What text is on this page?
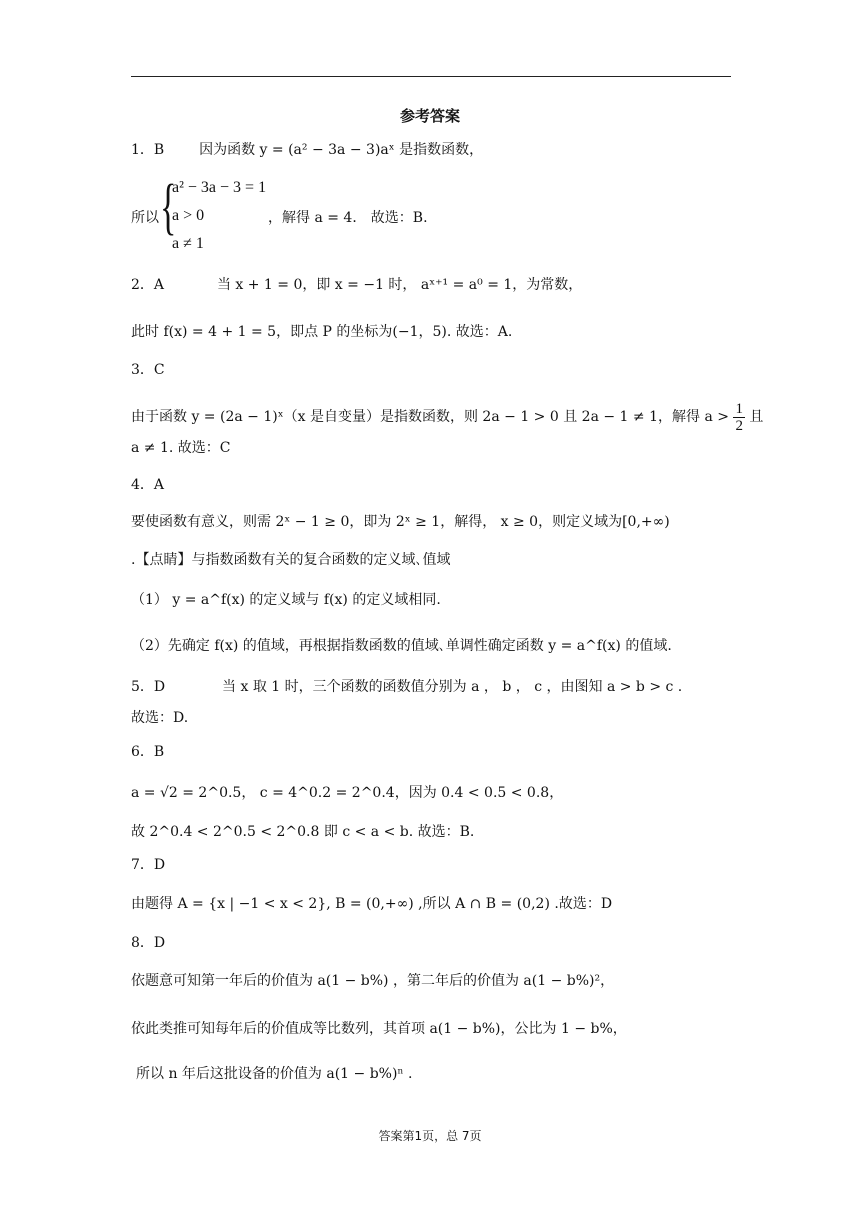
参考答案
1．B 因为函数 y = (a² − 3a − 3)aˣ 是指数函数，
所以 {
a² − 3a − 3 = 1
a > 0
a ≠ 1
，解得 a = 4． 故选：B.
2．A	当 x + 1 = 0，即 x = −1 时， aˣ⁺¹ = a⁰ = 1，为常数，
此时 f(x) = 4 + 1 = 5，即点 P 的坐标为(−1，5). 故选：A.
3．C
由于函数 y = (2a − 1)ˣ（x 是自变量）是指数函数，则 2a − 1 > 0 且 2a − 1 ≠ 1，解得 $a > \frac{1}{2}$ 且
a ≠ 1. 故选：C
4．A
要使函数有意义，则需 2ˣ − 1 ≥ 0，即为 2ˣ ≥ 1，解得， x ≥ 0，则定义域为[0,+∞)
.【点睛】与指数函数有关的复合函数的定义域､值域
（1） y = a^f(x) 的定义域与 f(x) 的定义域相同.
（2）先确定 f(x) 的值域，再根据指数函数的值域､单调性确定函数 y = a^f(x) 的值域.
5．D	当 x 取 1 时，三个函数的函数值分别为 a ， b ， c ，由图知 a > b > c .
故选：D.
6．B
a = √2 = 2^0.5， c = 4^0.2 = 2^0.4，因为 0.4 < 0.5 < 0.8，
故 2^0.4 < 2^0.5 < 2^0.8 即 c < a < b. 故选：B.
7．D
由题得 A = {x | −1 < x < 2}, B = (0,+∞) ,所以 A ∩ B = (0,2) .故选：D
8．D
依题意可知第一年后的价值为 a(1 − b%) ，第二年后的价值为 a(1 − b%)²，
依此类推可知每年后的价值成等比数列，其首项 a(1 − b%)，公比为 1 − b%，
所以 n 年后这批设备的价值为 a(1 − b%)ⁿ .
答案第1页，总 7页
